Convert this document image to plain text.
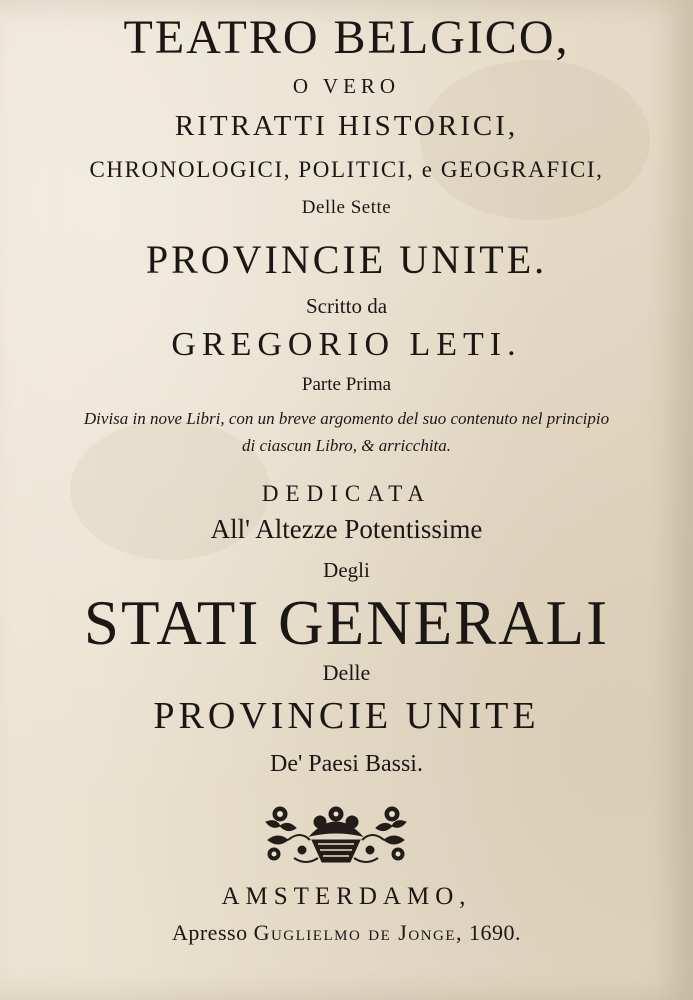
TEATRO BELGICO,
O VERO
RITRATTI HISTORICI,
CHRONOLOGICI, POLITICI, e GEOGRAFICI,
Delle Sette
PROVINCIE UNITE.
Scritto da
GREGORIO LETI.
Parte Prima
Divisa in nove Libri, con un breve argomento del suo contenuto nel principio
di ciascun Libro, & arricchita.
DEDICATA
All' Altezze Potentissime
Degli
STATI GENERALI
Delle
PROVINCIE UNITE
De' Paesi Bassi.
AMSTERDAMO,
Apresso Guglielmo de Jonge, 1690.
